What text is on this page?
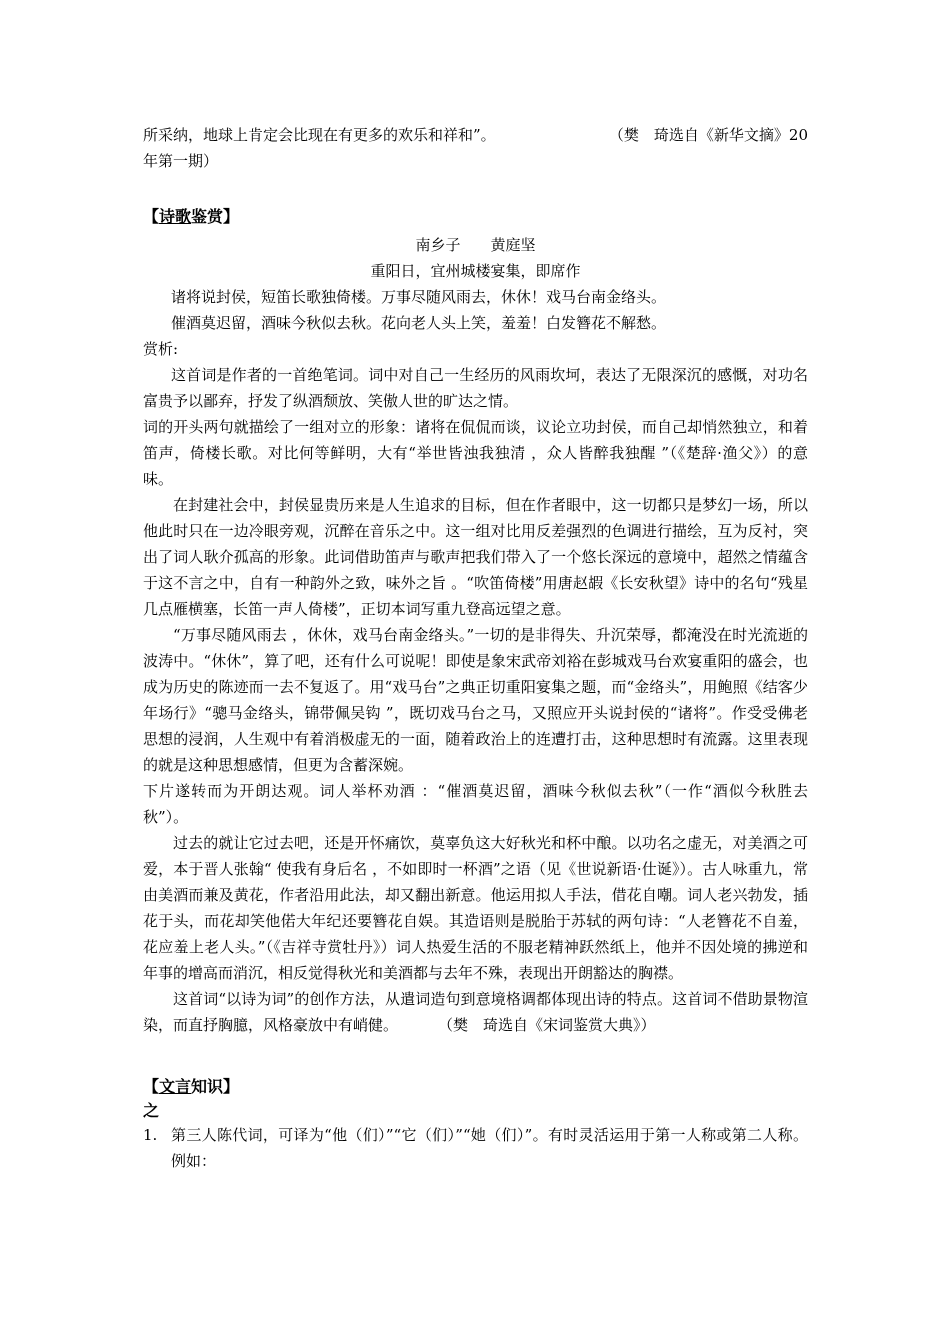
所采纳，地球上肯定会比现在有更多的欢乐和祥和”。	（樊　琦选自《新华文摘》20
年第一期）
【诗歌鉴赏】
南乡子　　黄庭坚
重阳日，宜州城楼宴集，即席作
诸将说封侯，短笛长歌独倚楼。万事尽随风雨去，休休！戏马台南金络头。
催酒莫迟留，酒味今秋似去秋。花向老人头上笑，羞羞！白发簪花不解愁。
赏析:

这首词是作者的一首绝笔词。词中对自己一生经历的风雨坎坷，表达了无限深沉的感慨，对功名富贵予以鄙弃，抒发了纵酒颓放、笑傲人世的旷达之情。

词的开头两句就描绘了一组对立的形象：诸将在侃侃而谈，议论立功封侯，而自己却悄然独立，和着笛声，倚楼长歌。对比何等鲜明，大有“举世皆浊我独清 ，众人皆醉我独醒 ”（《楚辞·渔父》）的意味。

在封建社会中，封侯显贵历来是人生追求的目标，但在作者眼中，这一切都只是梦幻一场，所以他此时只在一边冷眼旁观，沉醉在音乐之中。这一组对比用反差强烈的色调进行描绘，互为反衬，突出了词人耿介孤高的形象。此词借助笛声与歌声把我们带入了一个悠长深远的意境中，超然之情蕴含于这不言之中，自有一种韵外之致，味外之旨 。“吹笛倚楼”用唐赵嘏《长安秋望》诗中的名句“残星几点雁横塞，长笛一声人倚楼”，正切本词写重九登高远望之意。

“万事尽随风雨去 ，休休，戏马台南金络头。”一切的是非得失、升沉荣辱，都淹没在时光流逝的波涛中。“休休”，算了吧，还有什么可说呢！即使是象宋武帝刘裕在彭城戏马台欢宴重阳的盛会，也成为历史的陈迹而一去不复返了。用“戏马台”之典正切重阳宴集之题，而“金络头”，用鲍照《结客少年场行》“骢马金络头，锦带佩吴钩 ”，既切戏马台之马，又照应开头说封侯的“诸将”。作受受佛老思想的浸润，人生观中有着消极虚无的一面，随着政治上的连遭打击，这种思想时有流露。这里表现的就是这种思想感情，但更为含蓄深婉。

下片遂转而为开朗达观。词人举杯劝酒 ：“催酒莫迟留，酒味今秋似去秋”（一作“酒似今秋胜去秋”）。

过去的就让它过去吧，还是开怀痛饮，莫辜负这大好秋光和杯中酿。以功名之虚无，对美酒之可爱，本于晋人张翰“ 使我有身后名 ，不如即时一杯酒”之语（见《世说新语·仕诞》）。古人咏重九，常由美酒而兼及黄花，作者沿用此法，却又翻出新意。他运用拟人手法，借花自嘲。词人老兴勃发，插花于头，而花却笑他偌大年纪还要簪花自娱。其造语则是脱胎于苏轼的两句诗：“人老簪花不自羞，花应羞上老人头。”（《吉祥寺赏牡丹》）词人热爱生活的不服老精神跃然纸上，他并不因处境的拂逆和年事的增高而消沉，相反觉得秋光和美酒都与去年不殊，表现出开朗豁达的胸襟。

这首词“以诗为词”的创作方法，从遣词造句到意境格调都体现出诗的特点。这首词不借助景物渲染，而直抒胸臆，风格豪放中有峭健。	（樊　琦选自《宋词鉴赏大典》）

【文言知识】
之
1. 第三人陈代词，可译为“他（们）”“它（们）”“她（们）”。有时灵活运用于第一人称或第二人称。例如：
